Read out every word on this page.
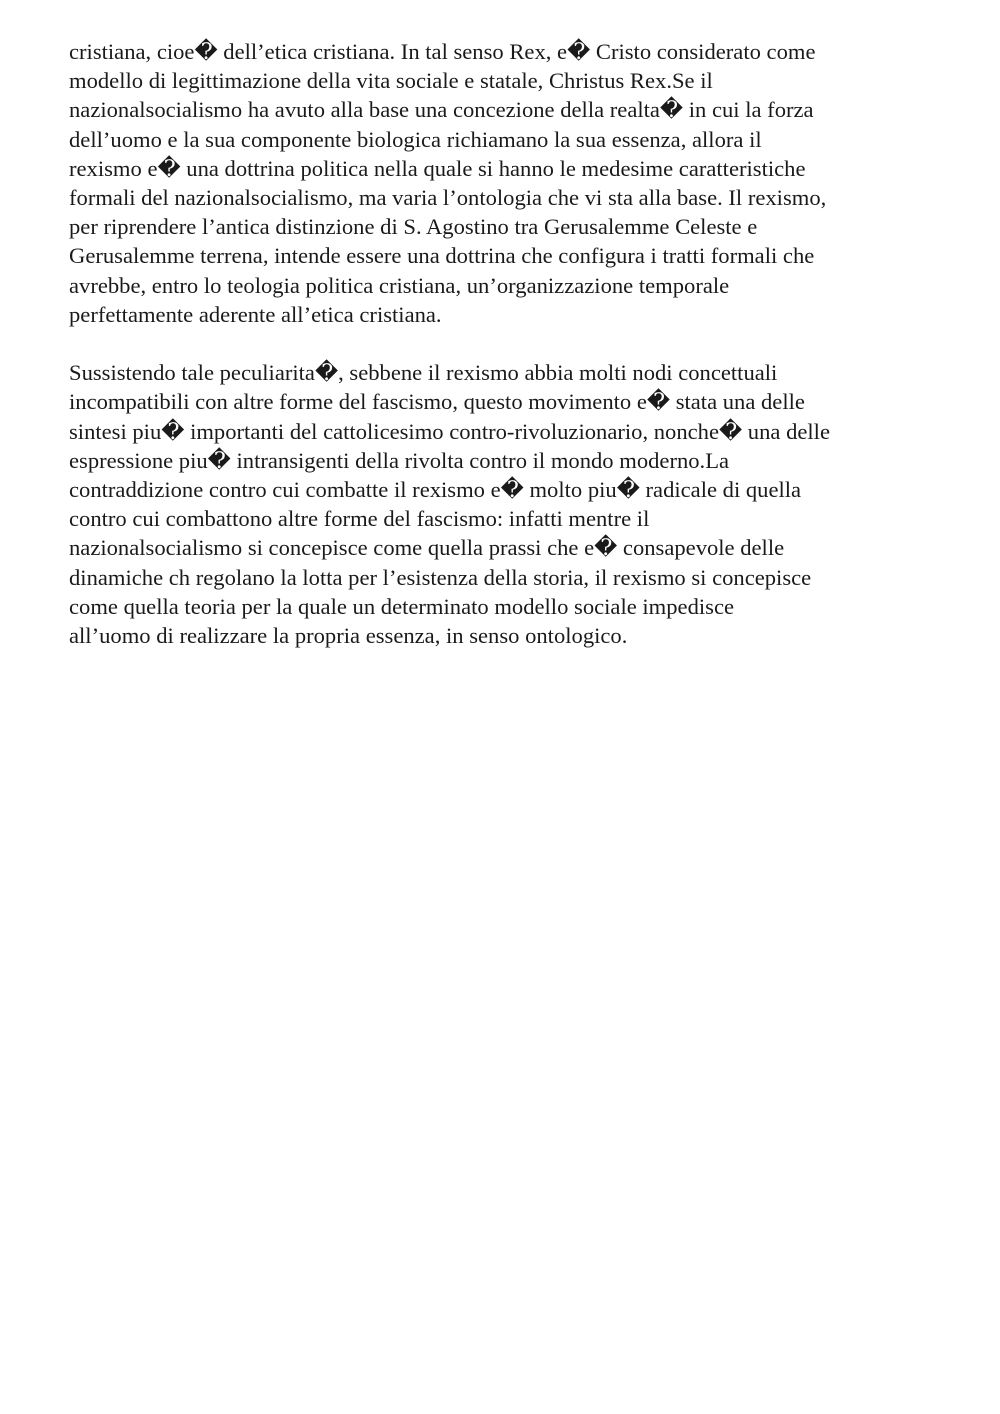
cristiana, cioe� dell’etica cristiana. In tal senso Rex, e� Cristo considerato come
modello di legittimazione della vita sociale e statale, Christus Rex.Se il
nazionalsocialismo ha avuto alla base una concezione della realta� in cui la forza
dell’uomo e la sua componente biologica richiamano la sua essenza, allora il
rexismo e� una dottrina politica nella quale si hanno le medesime caratteristiche
formali del nazionalsocialismo, ma varia l’ontologia che vi sta alla base. Il rexismo,
per riprendere l’antica distinzione di S. Agostino tra Gerusalemme Celeste e
Gerusalemme terrena, intende essere una dottrina che configura i tratti formali che
avrebbe, entro lo teologia politica cristiana, un’organizzazione temporale
perfettamente aderente all’etica cristiana.

Sussistendo tale peculiarita�, sebbene il rexismo abbia molti nodi concettuali
incompatibili con altre forme del fascismo, questo movimento e� stata una delle
sintesi piu� importanti del cattolicesimo contro-rivoluzionario, nonche� una delle
espressione piu� intransigenti della rivolta contro il mondo moderno.La
contraddizione contro cui combatte il rexismo e� molto piu� radicale di quella
contro cui combattono altre forme del fascismo: infatti mentre il
nazionalsocialismo si concepisce come quella prassi che e� consapevole delle
dinamiche ch regolano la lotta per l’esistenza della storia, il rexismo si concepisce
come quella teoria per la quale un determinato modello sociale impedisce
all’uomo di realizzare la propria essenza, in senso ontologico.
